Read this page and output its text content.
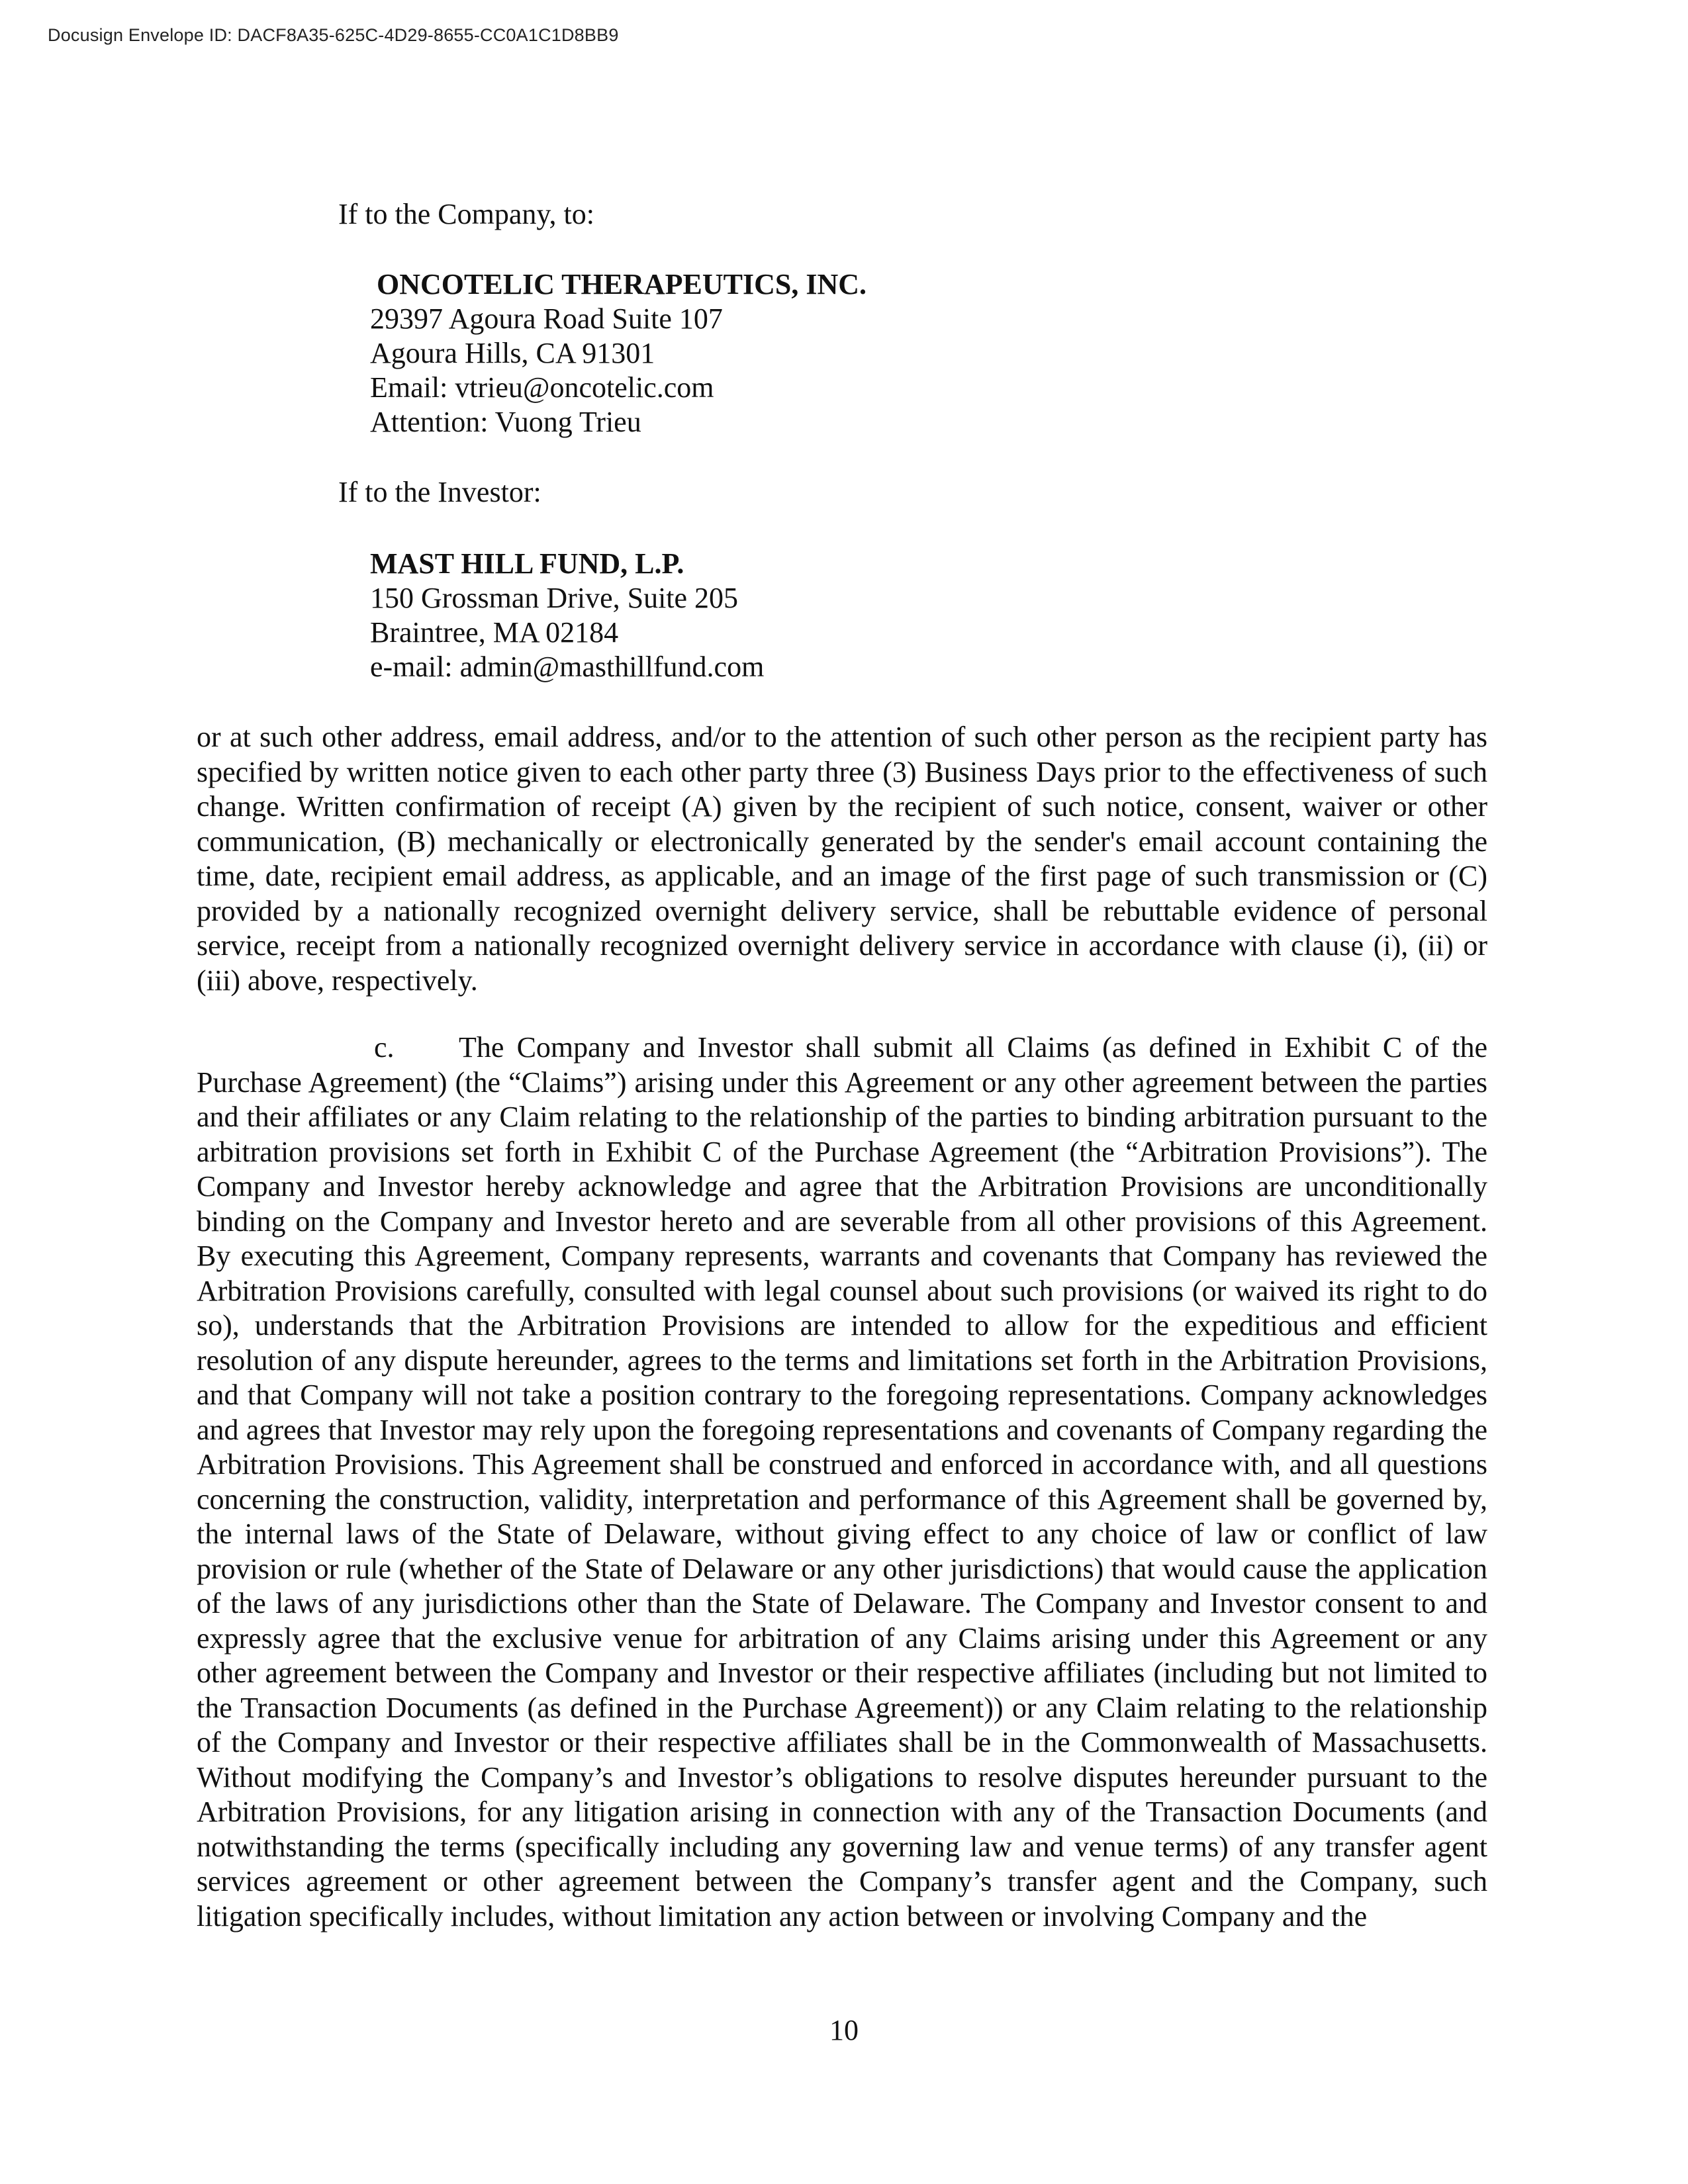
Docusign Envelope ID: DACF8A35-625C-4D29-8655-CC0A1C1D8BB9
If to the Company, to:
ONCOTELIC THERAPEUTICS, INC.
29397 Agoura Road Suite 107
Agoura Hills, CA 91301
Email: vtrieu@oncotelic.com
Attention: Vuong Trieu
If to the Investor:
MAST HILL FUND, L.P.
150 Grossman Drive, Suite 205
Braintree, MA 02184
e-mail: admin@masthillfund.com

or at such other address, email address, and/or to the attention of such other person as the recipient party has specified by written notice given to each other party three (3) Business Days prior to the effectiveness of such change. Written confirmation of receipt (A) given by the recipient of such notice, consent, waiver or other communication, (B) mechanically or electronically generated by the sender's email account containing the time, date, recipient email address, as applicable, and an image of the first page of such transmission or (C) provided by a nationally recognized overnight delivery service, shall be rebuttable evidence of personal service, receipt from a nationally recognized overnight delivery service in accordance with clause (i), (ii) or (iii) above, respectively.

c. The Company and Investor shall submit all Claims (as defined in Exhibit C of the Purchase Agreement) (the “Claims”) arising under this Agreement or any other agreement between the parties and their affiliates or any Claim relating to the relationship of the parties to binding arbitration pursuant to the arbitration provisions set forth in Exhibit C of the Purchase Agreement (the “Arbitration Provisions”). The Company and Investor hereby acknowledge and agree that the Arbitration Provisions are unconditionally binding on the Company and Investor hereto and are severable from all other provisions of this Agreement. By executing this Agreement, Company represents, warrants and covenants that Company has reviewed the Arbitration Provisions carefully, consulted with legal counsel about such provisions (or waived its right to do so), understands that the Arbitration Provisions are intended to allow for the expeditious and efficient resolution of any dispute hereunder, agrees to the terms and limitations set forth in the Arbitration Provisions, and that Company will not take a position contrary to the foregoing representations. Company acknowledges and agrees that Investor may rely upon the foregoing representations and covenants of Company regarding the Arbitration Provisions. This Agreement shall be construed and enforced in accordance with, and all questions concerning the construction, validity, interpretation and performance of this Agreement shall be governed by, the internal laws of the State of Delaware, without giving effect to any choice of law or conflict of law provision or rule (whether of the State of Delaware or any other jurisdictions) that would cause the application of the laws of any jurisdictions other than the State of Delaware. The Company and Investor consent to and expressly agree that the exclusive venue for arbitration of any Claims arising under this Agreement or any other agreement between the Company and Investor or their respective affiliates (including but not limited to the Transaction Documents (as defined in the Purchase Agreement)) or any Claim relating to the relationship of the Company and Investor or their respective affiliates shall be in the Commonwealth of Massachusetts. Without modifying the Company’s and Investor’s obligations to resolve disputes hereunder pursuant to the Arbitration Provisions, for any litigation arising in connection with any of the Transaction Documents (and notwithstanding the terms (specifically including any governing law and venue terms) of any transfer agent services agreement or other agreement between the Company’s transfer agent and the Company, such litigation specifically includes, without limitation any action between or involving Company and the

10
